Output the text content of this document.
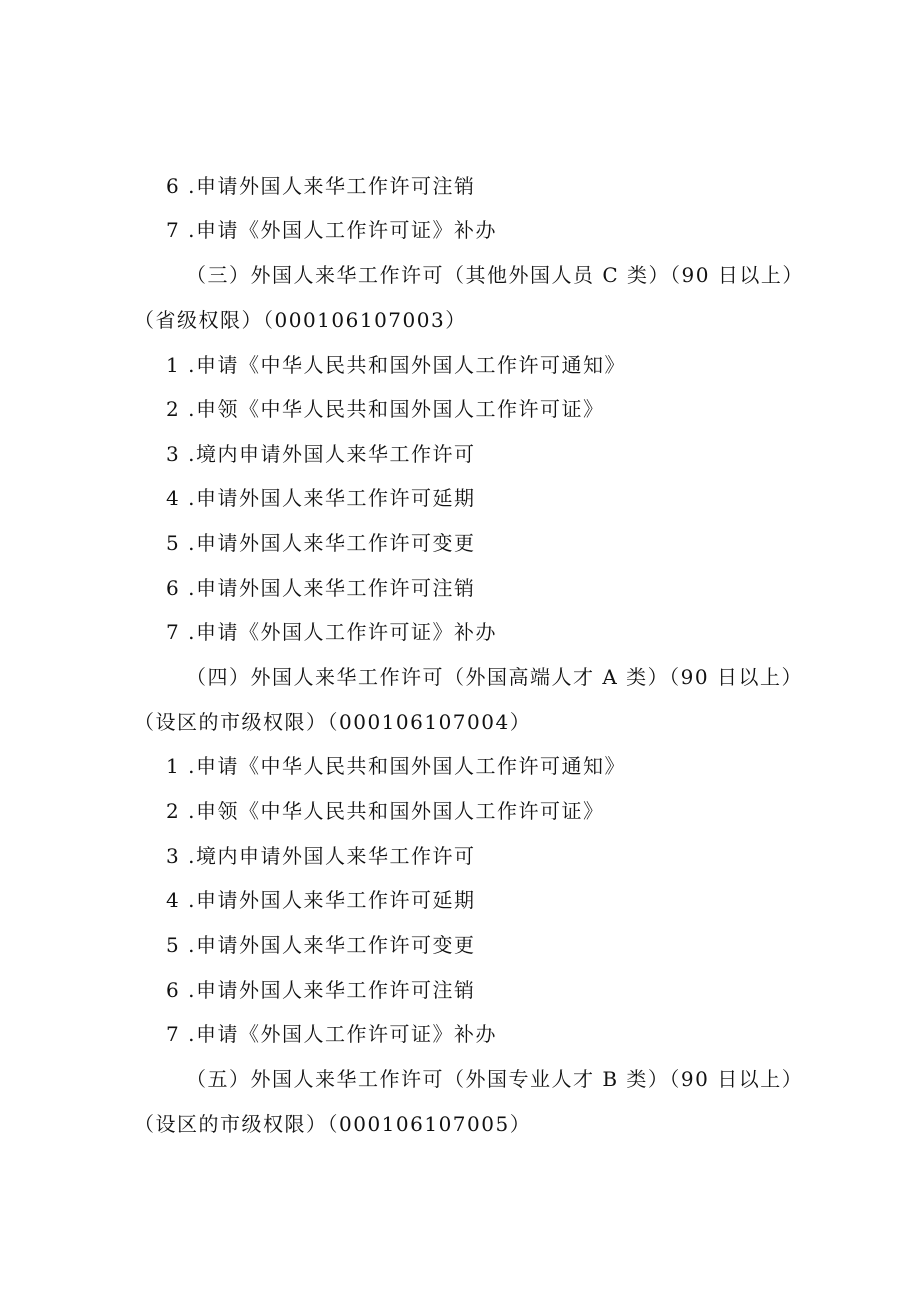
6 .申请外国人来华工作许可注销
7 .申请《外国人工作许可证》补办
（三）外国人来华工作许可（其他外国人员 C 类）（90 日以上）
（省级权限）（000106107003）
1 .申请《中华人民共和国外国人工作许可通知》
2 .申领《中华人民共和国外国人工作许可证》
3 .境内申请外国人来华工作许可
4 .申请外国人来华工作许可延期
5 .申请外国人来华工作许可变更
6 .申请外国人来华工作许可注销
7 .申请《外国人工作许可证》补办
（四）外国人来华工作许可（外国高端人才 A 类）（90 日以上）
（设区的市级权限）（000106107004）
1 .申请《中华人民共和国外国人工作许可通知》
2 .申领《中华人民共和国外国人工作许可证》
3 .境内申请外国人来华工作许可
4 .申请外国人来华工作许可延期
5 .申请外国人来华工作许可变更
6 .申请外国人来华工作许可注销
7 .申请《外国人工作许可证》补办
（五）外国人来华工作许可（外国专业人才 B 类）（90 日以上）
（设区的市级权限）（000106107005）
